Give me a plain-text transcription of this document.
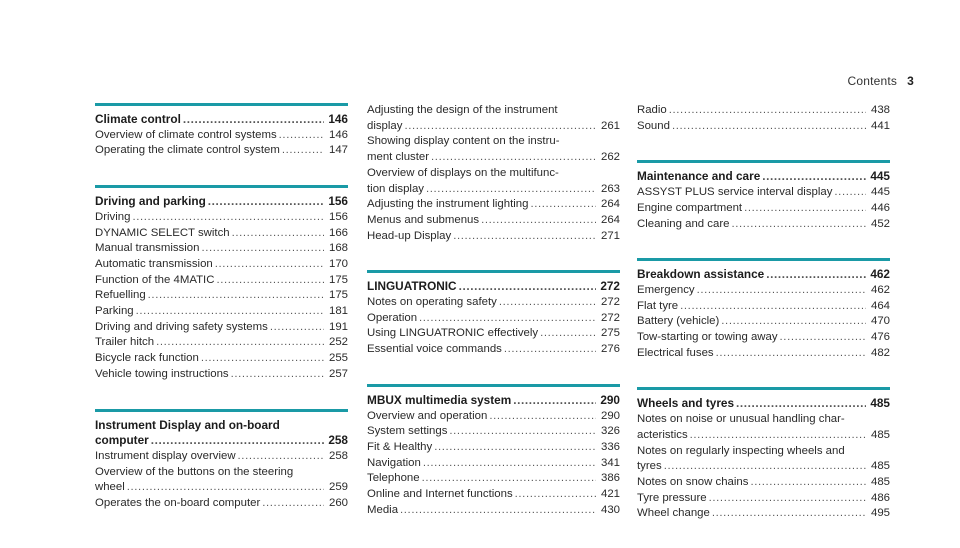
Contents 3
Climate control .....	146
Overview of climate control systems .....	146
Operating the climate control system .....	147
Driving and parking .....	156
Driving .....	156
DYNAMIC SELECT switch .....	166
Manual transmission .....	168
Automatic transmission .....	170
Function of the 4MATIC .....	175
Refuelling .....	175
Parking .....	181
Driving and driving safety systems .....	191
Trailer hitch .....	252
Bicycle rack function .....	255
Vehicle towing instructions .....	257
Instrument Display and on-board
computer .....	258
Instrument display overview .....	258
Overview of the buttons on the steering
wheel .....	259
Operates the on-board computer .....	260
Adjusting the design of the instrument
display .....	261
Showing display content on the instru-
ment cluster .....	262
Overview of displays on the multifunc-
tion display .....	263
Adjusting the instrument lighting .....	264
Menus and submenus .....	264
Head-up Display .....	271
LINGUATRONIC .....	272
Notes on operating safety .....	272
Operation .....	272
Using LINGUATRONIC effectively .....	275
Essential voice commands .....	276
MBUX multimedia system .....	290
Overview and operation .....	290
System settings .....	326
Fit & Healthy .....	336
Navigation .....	341
Telephone .....	386
Online and Internet functions .....	421
Media .....	430
Radio .....	438
Sound .....	441
Maintenance and care .....	445
ASSYST PLUS service interval display .....	445
Engine compartment .....	446
Cleaning and care .....	452
Breakdown assistance .....	462
Emergency .....	462
Flat tyre .....	464
Battery (vehicle) .....	470
Tow-starting or towing away .....	476
Electrical fuses .....	482
Wheels and tyres .....	485
Notes on noise or unusual handling char-
acteristics .....	485
Notes on regularly inspecting wheels and
tyres .....	485
Notes on snow chains .....	485
Tyre pressure .....	486
Wheel change .....	495
